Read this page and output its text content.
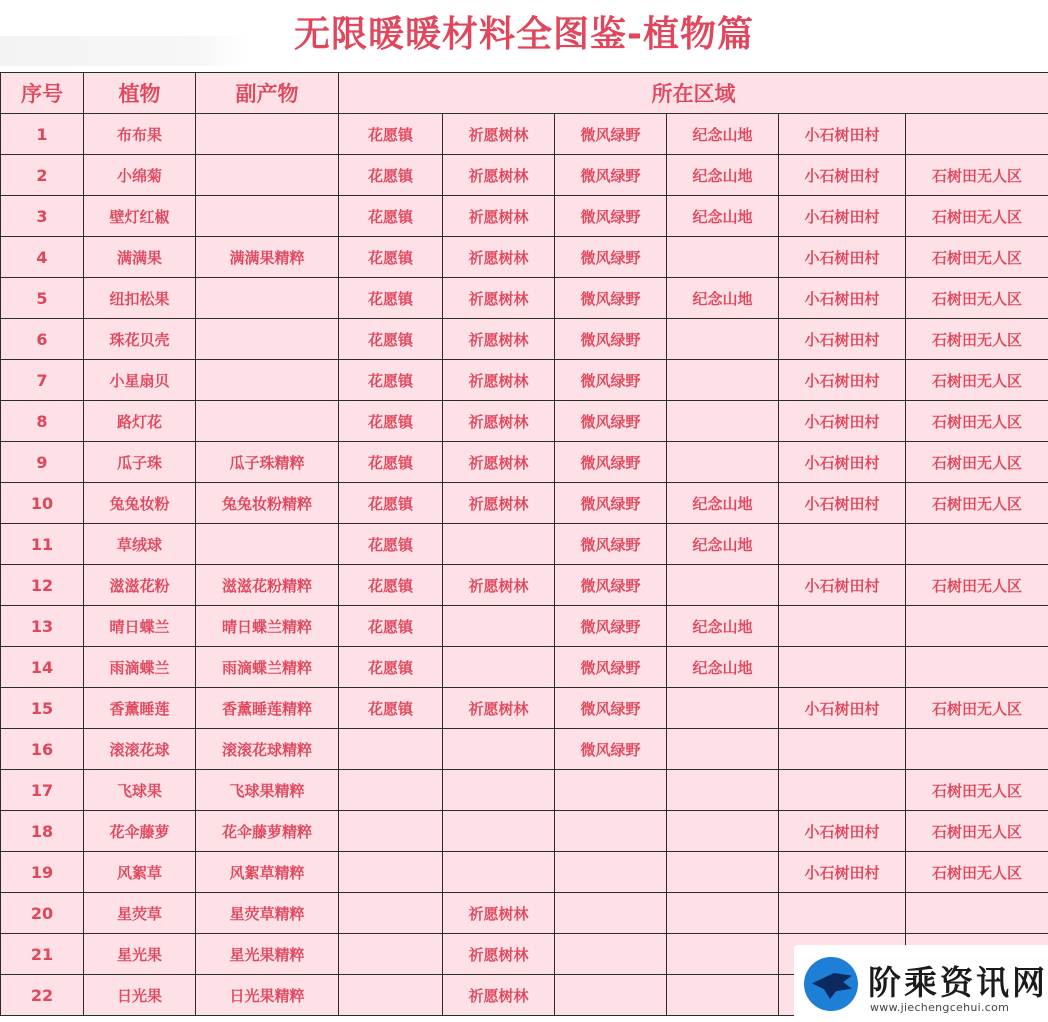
无限暖暖材料全图鉴-植物篇
序号	植物	副产物	所在区域					
1	布布果		花愿镇	祈愿树林	微风绿野	纪念山地	小石树田村	
2	小绵菊		花愿镇	祈愿树林	微风绿野	纪念山地	小石树田村	石树田无人区
3	壁灯红椒		花愿镇	祈愿树林	微风绿野	纪念山地	小石树田村	石树田无人区
4	满满果	满满果精粹	花愿镇	祈愿树林	微风绿野		小石树田村	石树田无人区
5	纽扣松果		花愿镇	祈愿树林	微风绿野	纪念山地	小石树田村	石树田无人区
6	珠花贝壳		花愿镇	祈愿树林	微风绿野		小石树田村	石树田无人区
7	小星扇贝		花愿镇	祈愿树林	微风绿野		小石树田村	石树田无人区
8	路灯花		花愿镇	祈愿树林	微风绿野		小石树田村	石树田无人区
9	瓜子珠	瓜子珠精粹	花愿镇	祈愿树林	微风绿野		小石树田村	石树田无人区
10	兔兔妆粉	兔兔妆粉精粹	花愿镇	祈愿树林	微风绿野	纪念山地	小石树田村	石树田无人区
11	草绒球		花愿镇		微风绿野	纪念山地		
12	滋滋花粉	滋滋花粉精粹	花愿镇	祈愿树林	微风绿野		小石树田村	石树田无人区
13	晴日蝶兰	晴日蝶兰精粹	花愿镇		微风绿野	纪念山地		
14	雨滴蝶兰	雨滴蝶兰精粹	花愿镇		微风绿野	纪念山地		
15	香薰睡莲	香薰睡莲精粹	花愿镇	祈愿树林	微风绿野		小石树田村	石树田无人区
16	滚滚花球	滚滚花球精粹			微风绿野			
17	飞球果	飞球果精粹						石树田无人区
18	花伞藤萝	花伞藤萝精粹					小石树田村	石树田无人区
19	风絮草	风絮草精粹					小石树田村	石树田无人区
20	星荧草	星荧草精粹		祈愿树林				
21	星光果	星光果精粹		祈愿树林				
22	日光果	日光果精粹		祈愿树林					阶乘资讯网
www.jiechengcehui.com
